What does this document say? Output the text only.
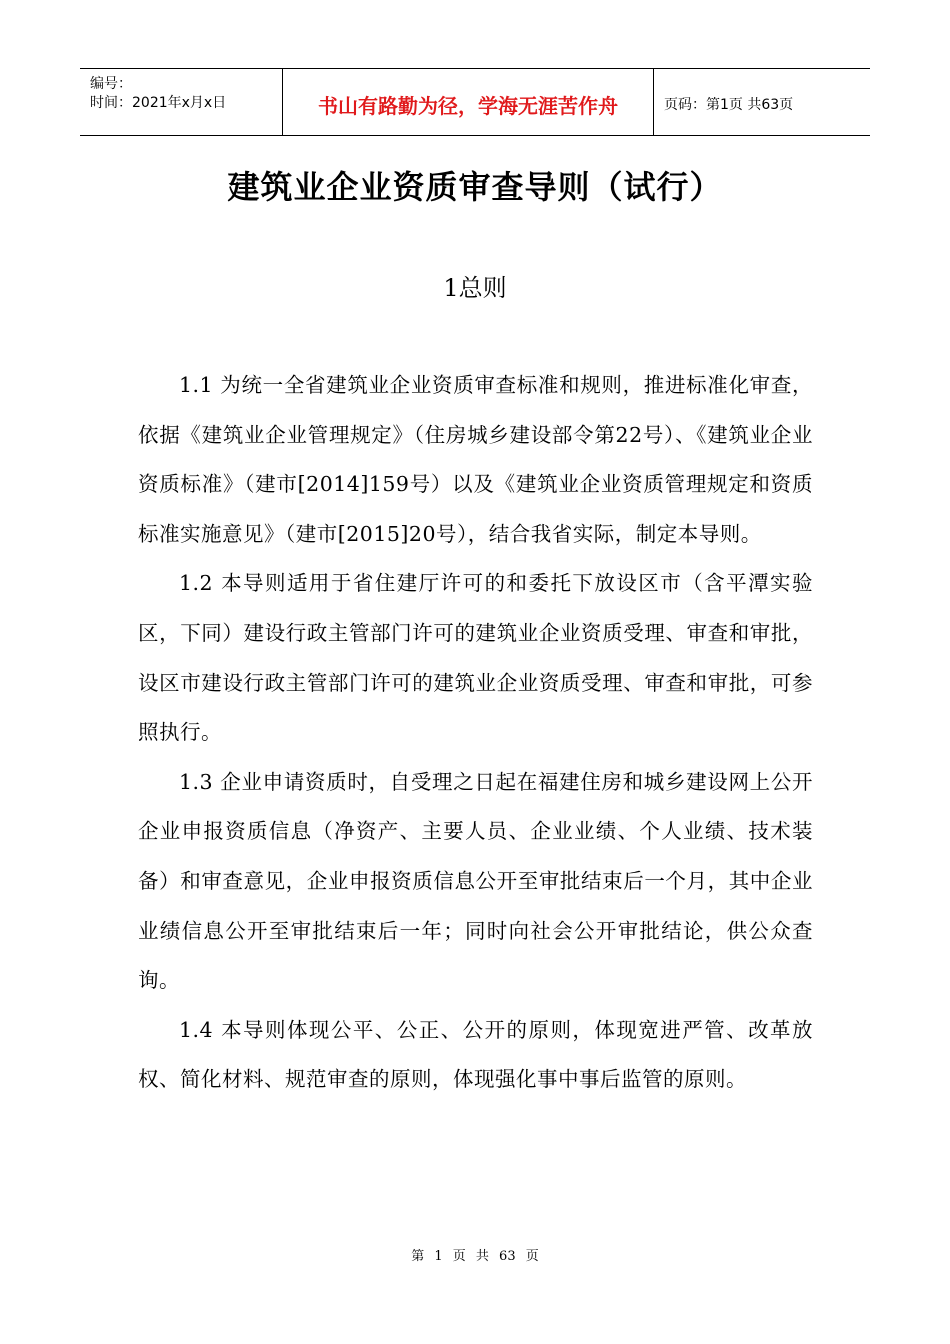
编号：
时间：2021年x月x日	书山有路勤为径，学海无涯苦作舟	页码：第1页 共63页
建筑业企业资质审查导则（试行）
1总则

1.1 为统一全省建筑业企业资质审查标准和规则，推进标准化审查，依据《建筑业企业管理规定》（住房城乡建设部令第22号）、《建筑业企业资质标准》（建市[2014]159号）以及《建筑业企业资质管理规定和资质标准实施意见》（建市[2015]20号），结合我省实际，制定本导则。

1.2 本导则适用于省住建厅许可的和委托下放设区市（含平潭实验区，下同）建设行政主管部门许可的建筑业企业资质受理、审查和审批，设区市建设行政主管部门许可的建筑业企业资质受理、审查和审批，可参照执行。

1.3 企业申请资质时，自受理之日起在福建住房和城乡建设网上公开企业申报资质信息（净资产、主要人员、企业业绩、个人业绩、技术装备）和审查意见，企业申报资质信息公开至审批结束后一个月，其中企业业绩信息公开至审批结束后一年；同时向社会公开审批结论，供公众查询。

1.4 本导则体现公平、公正、公开的原则，体现宽进严管、改革放权、简化材料、规范审查的原则，体现强化事中事后监管的原则。

第 1 页 共 63 页
